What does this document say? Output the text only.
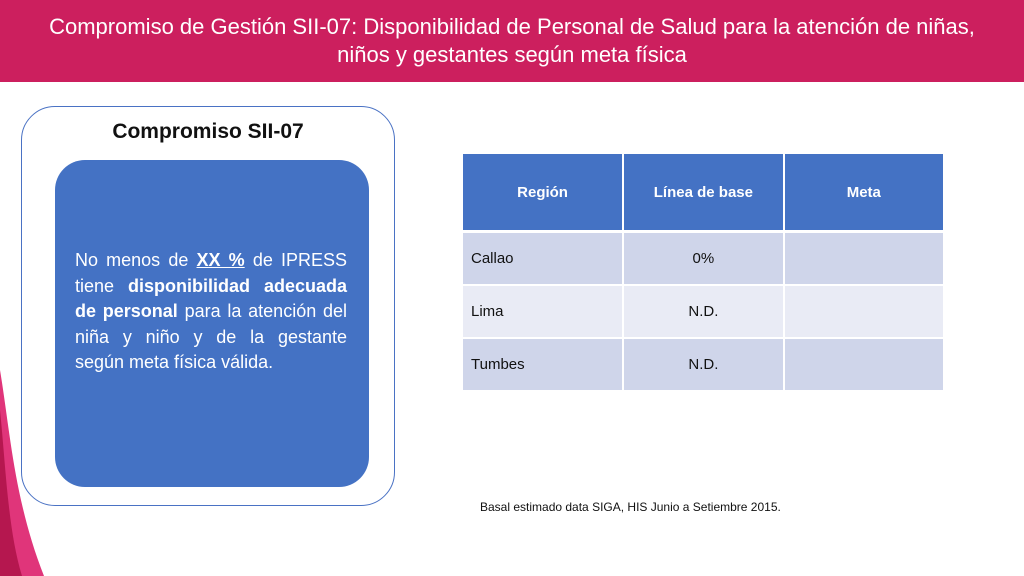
Compromiso de Gestión SII-07: Disponibilidad de Personal de Salud para la atención de niñas,
niños y gestantes según meta física
Compromiso SII-07
No menos de XX % de IPRESS tiene disponibilidad adecuada de personal para la atención del niña y niño y de la gestante según meta física válida.
Región	Línea de base	Meta
Callao	0%	
Lima	N.D.	
Tumbes	N.D.	
Basal estimado data SIGA, HIS Junio a Setiembre 2015.
